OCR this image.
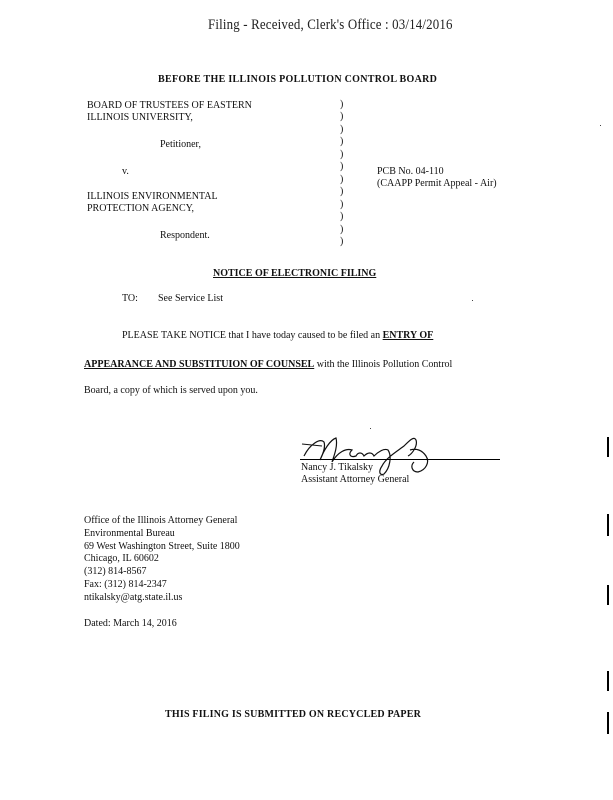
Filing - Received, Clerk's Office : 03/14/2016
BEFORE THE ILLINOIS POLLUTION CONTROL BOARD
BOARD OF TRUSTEES OF EASTERN
ILLINOIS UNIVERSITY,
Petitioner,
v.
ILLINOIS ENVIRONMENTAL
PROTECTION AGENCY,
Respondent.
)
)
)
)
)
)
)
)
)
)
)
)
PCB No. 04-110
(CAAPP Permit Appeal - Air)
NOTICE OF ELECTRONIC FILING
TO: See Service List
PLEASE TAKE NOTICE that I have today caused to be filed an ENTRY OF
APPEARANCE AND SUBSTITUION OF COUNSEL with the Illinois Pollution Control
Board, a copy of which is served upon you.
Nancy J. Tikalsky
Assistant Attorney General
Office of the Illinois Attorney General
Environmental Bureau
69 West Washington Street, Suite 1800
Chicago, IL 60602
(312) 814-8567
Fax: (312) 814-2347
ntikalsky@atg.state.il.us
Dated: March 14, 2016
THIS FILING IS SUBMITTED ON RECYCLED PAPER
